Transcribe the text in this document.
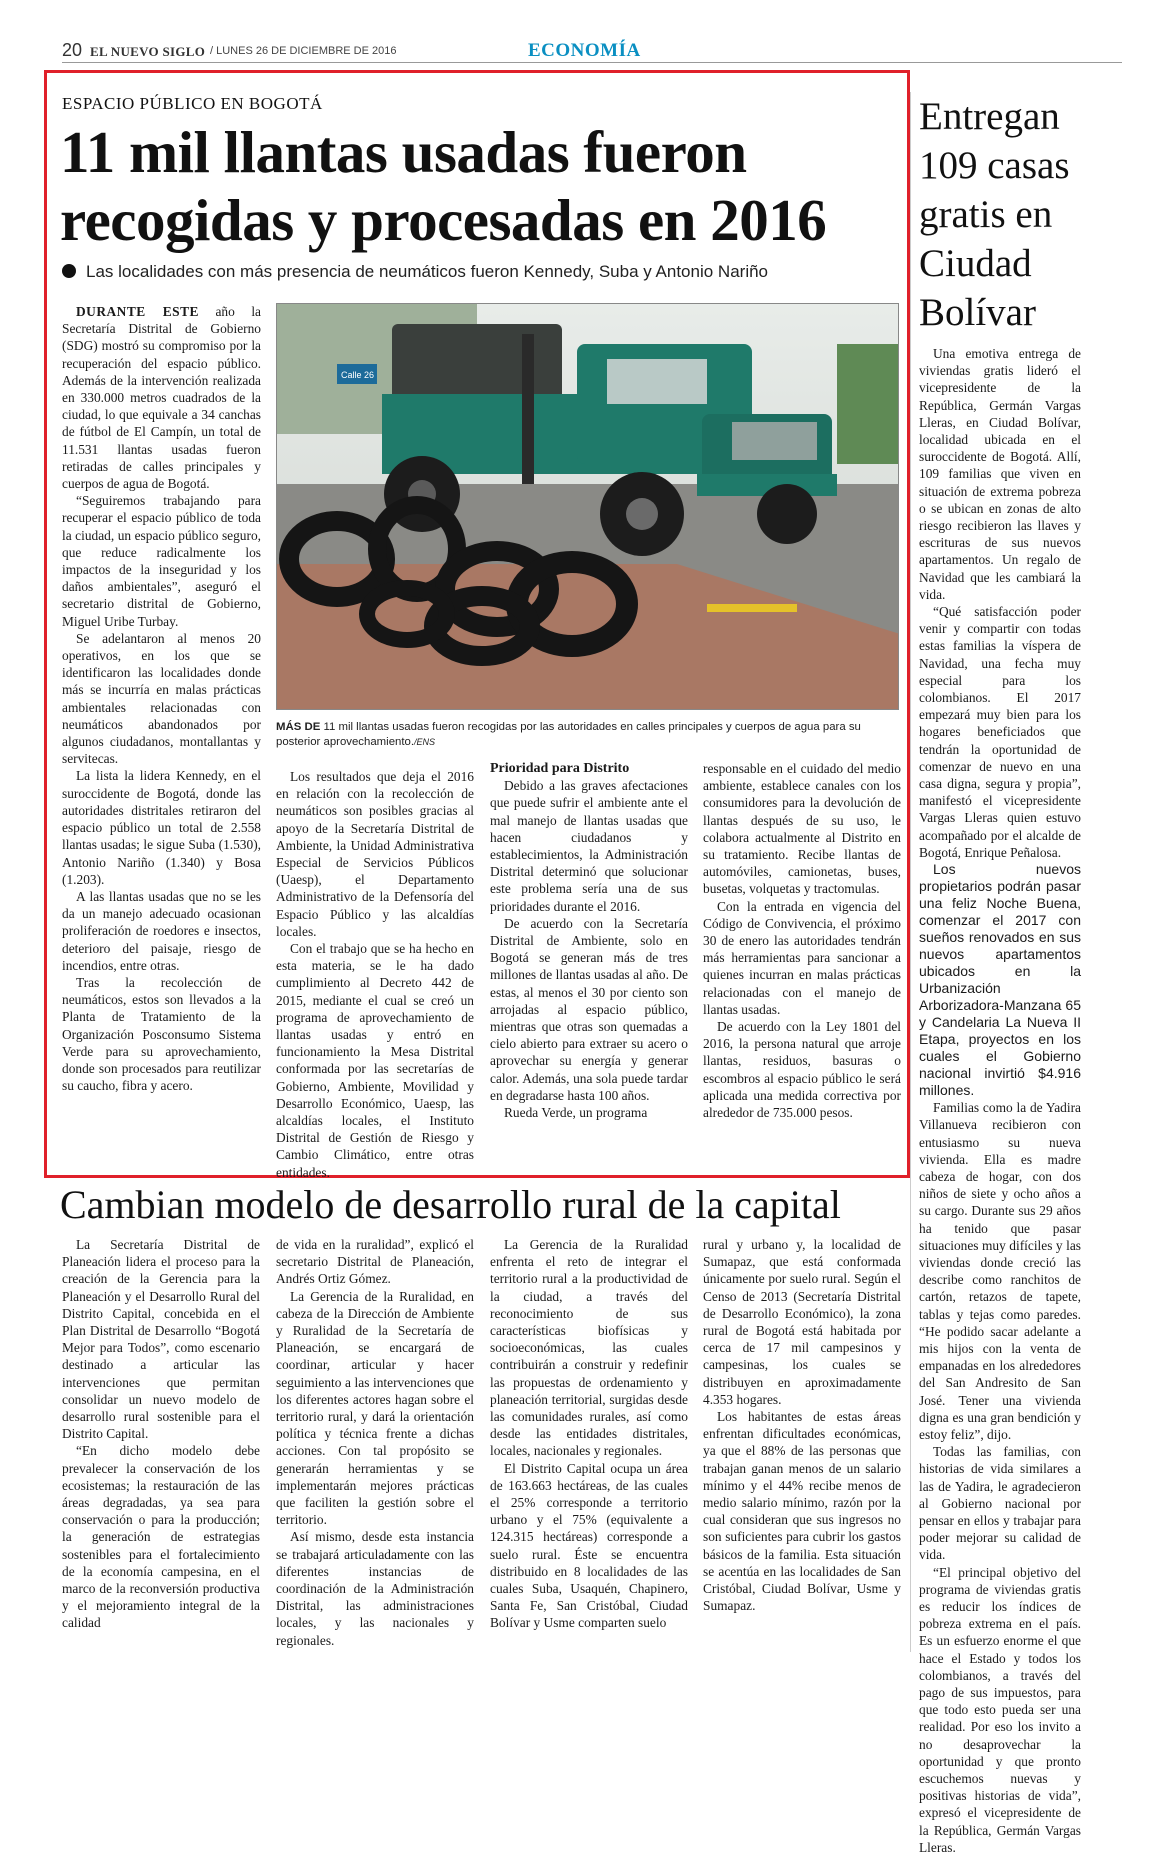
20 EL NUEVO SIGLO / LUNES 26 DE DICIEMBRE DE 2016	ECONOMÍA
ESPACIO PÚBLICO EN BOGOTÁ
11 mil llantas usadas fueron recogidas y procesadas en 2016
Las localidades con más presencia de neumáticos fueron Kennedy, Suba y Antonio Nariño

DURANTE ESTE año la Secretaría Distrital de Gobierno (SDG) mostró su compromiso por la recuperación del espacio público. Además de la intervención realizada en 330.000 metros cuadrados de la ciudad, lo que equivale a 34 canchas de fútbol de El Campín, un total de 11.531 llantas usadas fueron retiradas de calles principales y cuerpos de agua de Bogotá.

“Seguiremos trabajando para recuperar el espacio público de toda la ciudad, un espacio público seguro, que reduce radicalmente los impactos de la inseguridad y los daños ambientales”, aseguró el secretario distrital de Gobierno, Miguel Uribe Turbay.

Se adelantaron al menos 20 operativos, en los que se identificaron las localidades donde más se incurría en malas prácticas ambientales relacionadas con neumáticos abandonados por algunos ciudadanos, montallantas y servitecas.

La lista la lidera Kennedy, en el suroccidente de Bogotá, donde las autoridades distritales retiraron del espacio público un total de 2.558 llantas usadas; le sigue Suba (1.530), Antonio Nariño (1.340) y Bosa (1.203).

A las llantas usadas que no se les da un manejo adecuado ocasionan proliferación de roedores e insectos, deterioro del paisaje, riesgo de incendios, entre otras.

Tras la recolección de neumáticos, estos son llevados a la Planta de Tratamiento de la Organización Posconsumo Sistema Verde para su aprovechamiento, donde son procesados para reutilizar su caucho, fibra y acero.

Calle 26
MÁS DE 11 mil llantas usadas fueron recogidas por las autoridades en calles principales y cuerpos de agua para su posterior aprovechamiento./ENS

Los resultados que deja el 2016 en relación con la recolección de neumáticos son posibles gracias al apoyo de la Secretaría Distrital de Ambiente, la Unidad Administrativa Especial de Servicios Públicos (Uaesp), el Departamento Administrativo de la Defensoría del Espacio Público y las alcaldías locales.

Con el trabajo que se ha hecho en esta materia, se le ha dado cumplimiento al Decreto 442 de 2015, mediante el cual se creó un programa de aprovechamiento de llantas usadas y entró en funcionamiento la Mesa Distrital conformada por las secretarías de Gobierno, Ambiente, Movilidad y Desarrollo Económico, Uaesp, las alcaldías locales, el Instituto Distrital de Gestión de Riesgo y Cambio Climático, entre otras entidades.

Prioridad para Distrito

Debido a las graves afectaciones que puede sufrir el ambiente ante el mal manejo de llantas usadas que hacen ciudadanos y establecimientos, la Administración Distrital determinó que solucionar este problema sería una de sus prioridades durante el 2016.

De acuerdo con la Secretaría Distrital de Ambiente, solo en Bogotá se generan más de tres millones de llantas usadas al año. De estas, al menos el 30 por ciento son arrojadas al espacio público, mientras que otras son quemadas a cielo abierto para extraer su acero o aprovechar su energía y generar calor. Además, una sola puede tardar en degradarse hasta 100 años.

Rueda Verde, un programa

responsable en el cuidado del medio ambiente, establece canales con los consumidores para la devolución de llantas después de su uso, le colabora actualmente al Distrito en su tratamiento. Recibe llantas de automóviles, camionetas, buses, busetas, volquetas y tractomulas.

Con la entrada en vigencia del Código de Convivencia, el próximo 30 de enero las autoridades tendrán más herramientas para sancionar a quienes incurran en malas prácticas relacionadas con el manejo de llantas usadas.

De acuerdo con la Ley 1801 del 2016, la persona natural que arroje llantas, residuos, basuras o escombros al espacio público le será aplicada una medida correctiva por alrededor de 735.000 pesos.

Entregan 109 casas gratis en Ciudad Bolívar

Una emotiva entrega de viviendas gratis lideró el vicepresidente de la República, Germán Vargas Lleras, en Ciudad Bolívar, localidad ubicada en el suroccidente de Bogotá. Allí, 109 familias que viven en situación de extrema pobreza o se ubican en zonas de alto riesgo recibieron las llaves y escrituras de sus nuevos apartamentos. Un regalo de Navidad que les cambiará la vida.

“Qué satisfacción poder venir y compartir con todas estas familias la víspera de Navidad, una fecha muy especial para los colombianos. El 2017 empezará muy bien para los hogares beneficiados que tendrán la oportunidad de comenzar de nuevo en una casa digna, segura y propia”, manifestó el vicepresidente Vargas Lleras quien estuvo acompañado por el alcalde de Bogotá, Enrique Peñalosa.

Los nuevos propietarios podrán pasar una feliz Noche Buena, comenzar el 2017 con sueños renovados en sus nuevos apartamentos ubicados en la Urbanización Arborizadora-Manzana 65 y Candelaria La Nueva II Etapa, proyectos en los cuales el Gobierno nacional invirtió $4.916 millones.

Familias como la de Yadira Villanueva recibieron con entusiasmo su nueva vivienda. Ella es madre cabeza de hogar, con dos niños de siete y ocho años a su cargo. Durante sus 29 años ha tenido que pasar situaciones muy difíciles y las viviendas donde creció las describe como ranchitos de cartón, retazos de tapete, tablas y tejas como paredes. “He podido sacar adelante a mis hijos con la venta de empanadas en los alrededores del San Andresito de San José. Tener una vivienda digna es una gran bendición y estoy feliz”, dijo.

Todas las familias, con historias de vida similares a las de Yadira, le agradecieron al Gobierno nacional por pensar en ellos y trabajar para poder mejorar su calidad de vida.

“El principal objetivo del programa de viviendas gratis es reducir los índices de pobreza extrema en el país. Es un esfuerzo enorme el que hace el Estado y todos los colombianos, a través del pago de sus impuestos, para que todo esto pueda ser una realidad. Por eso los invito a no desaprovechar la oportunidad y que pronto escuchemos nuevas y positivas historias de vida”, expresó el vicepresidente de la República, Germán Vargas Lleras.

Cambian modelo de desarrollo rural de la capital

La Secretaría Distrital de Planeación lidera el proceso para la creación de la Gerencia para la Planeación y el Desarrollo Rural del Distrito Capital, concebida en el Plan Distrital de Desarrollo “Bogotá Mejor para Todos”, como escenario destinado a articular las intervenciones que permitan consolidar un nuevo modelo de desarrollo rural sostenible para el Distrito Capital.

“En dicho modelo debe prevalecer la conservación de los ecosistemas; la restauración de las áreas degradadas, ya sea para conservación o para la producción; la generación de estrategias sostenibles para el fortalecimiento de la economía campesina, en el marco de la reconversión productiva y el mejoramiento integral de la calidad

de vida en la ruralidad”, explicó el secretario Distrital de Planeación, Andrés Ortiz Gómez.

La Gerencia de la Ruralidad, en cabeza de la Dirección de Ambiente y Ruralidad de la Secretaría de Planeación, se encargará de coordinar, articular y hacer seguimiento a las intervenciones que los diferentes actores hagan sobre el territorio rural, y dará la orientación política y técnica frente a dichas acciones. Con tal propósito se generarán herramientas y se implementarán mejores prácticas que faciliten la gestión sobre el territorio.

Así mismo, desde esta instancia se trabajará articuladamente con las diferentes instancias de coordinación de la Administración Distrital, las administraciones locales, y las nacionales y regionales.

La Gerencia de la Ruralidad enfrenta el reto de integrar el territorio rural a la productividad de la ciudad, a través del reconocimiento de sus características biofísicas y socioeconómicas, las cuales contribuirán a construir y redefinir las propuestas de ordenamiento y planeación territorial, surgidas desde las comunidades rurales, así como desde las entidades distritales, locales, nacionales y regionales.

El Distrito Capital ocupa un área de 163.663 hectáreas, de las cuales el 25% corresponde a territorio urbano y el 75% (equivalente a 124.315 hectáreas) corresponde a suelo rural. Éste se encuentra distribuido en 8 localidades de las cuales Suba, Usaquén, Chapinero, Santa Fe, San Cristóbal, Ciudad Bolívar y Usme comparten suelo

rural y urbano y, la localidad de Sumapaz, que está conformada únicamente por suelo rural. Según el Censo de 2013 (Secretaría Distrital de Desarrollo Económico), la zona rural de Bogotá está habitada por cerca de 17 mil campesinos y campesinas, los cuales se distribuyen en aproximadamente 4.353 hogares.

Los habitantes de estas áreas enfrentan dificultades económicas, ya que el 88% de las personas que trabajan ganan menos de un salario mínimo y el 44% recibe menos de medio salario mínimo, razón por la cual consideran que sus ingresos no son suficientes para cubrir los gastos básicos de la familia. Esta situación se acentúa en las localidades de San Cristóbal, Ciudad Bolívar, Usme y Sumapaz.
